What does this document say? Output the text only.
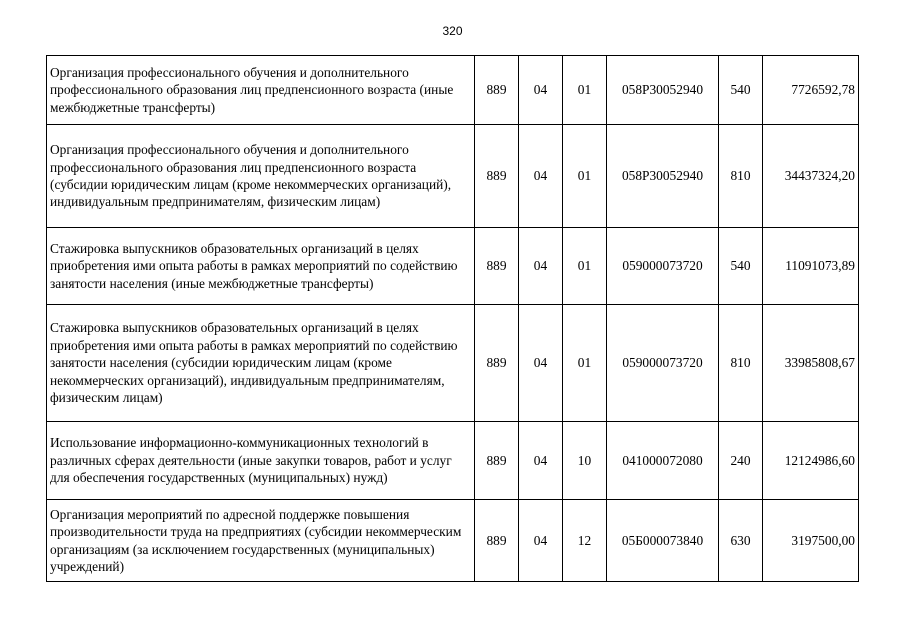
320
Организация профессионального обучения и дополнительного профессионального образования лиц предпенсионного возраста (иные межбюджетные трансферты)	889	04	01	058P30052940	540	7726592,78
Организация профессионального обучения и дополнительного профессионального образования лиц предпенсионного возраста (субсидии юридическим лицам (кроме некоммерческих организаций), индивидуальным предпринимателям, физическим лицам)	889	04	01	058P30052940	810	34437324,20
Стажировка выпускников образовательных организаций в целях приобретения ими опыта работы в рамках мероприятий по содействию занятости населения (иные межбюджетные трансферты)	889	04	01	059000073720	540	11091073,89
Стажировка выпускников образовательных организаций в целях приобретения ими опыта работы в рамках мероприятий по содействию занятости населения (субсидии юридическим лицам (кроме некоммерческих организаций), индивидуальным предпринимателям, физическим лицам)	889	04	01	059000073720	810	33985808,67
Использование информационно-коммуникационных технологий в различных сферах деятельности (иные закупки товаров, работ и услуг для обеспечения государственных (муниципальных) нужд)	889	04	10	041000072080	240	12124986,60
Организация мероприятий по адресной поддержке повышения производительности труда на предприятиях (субсидии некоммерческим организациям (за исключением государственных (муниципальных) учреждений)	889	04	12	05Б000073840	630	3197500,00
